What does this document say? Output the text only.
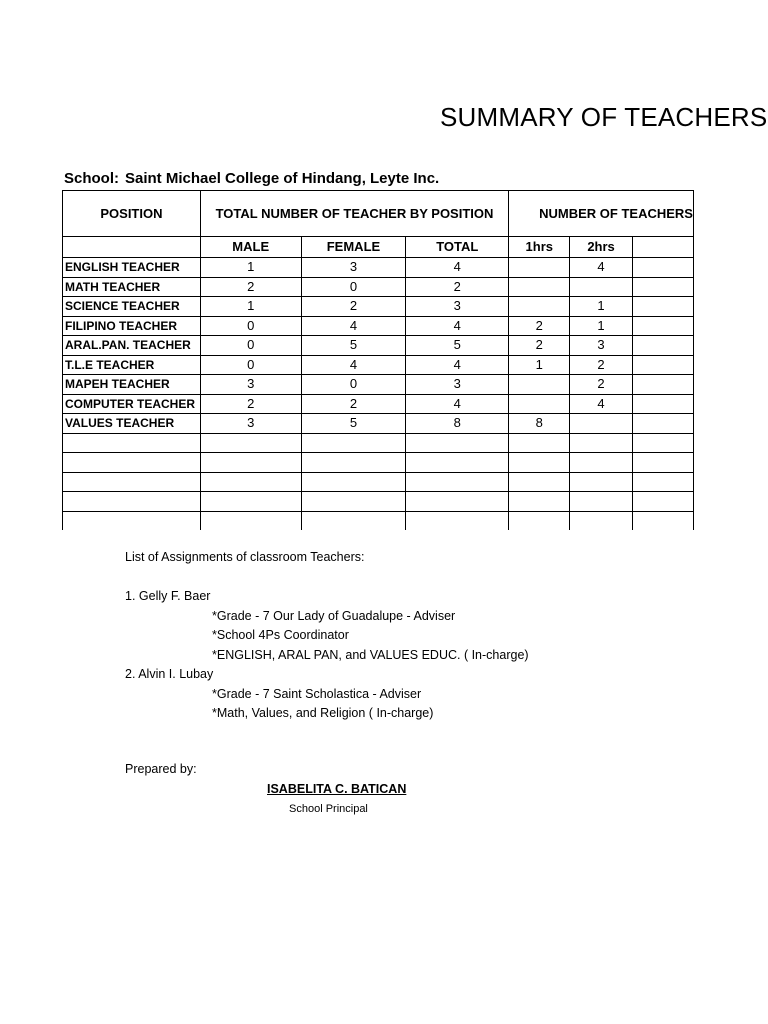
SUMMARY OF TEACHERS
School: Saint Michael College of Hindang, Leyte Inc.
POSITION	TOTAL NUMBER OF TEACHER BY POSITION			NUMBER OF TEACHERS		
	MALE	FEMALE	TOTAL	1hrs	2hrs	
ENGLISH TEACHER	1	3	4		4	
MATH TEACHER	2	0	2			
SCIENCE TEACHER	1	2	3		1	
FILIPINO TEACHER	0	4	4	2	1	
ARAL.PAN. TEACHER	0	5	5	2	3	
T.L.E TEACHER	0	4	4	1	2	
MAPEH TEACHER	3	0	3		2	
COMPUTER TEACHER	2	2	4		4	
VALUES TEACHER	3	5	8	8		

List of Assignments of classroom Teachers:
1. Gelly F. Baer
*Grade - 7 Our Lady of Guadalupe - Adviser
*School 4Ps Coordinator
*ENGLISH, ARAL PAN, and VALUES EDUC. ( In-charge)
2. Alvin I. Lubay
*Grade - 7 Saint Scholastica - Adviser
*Math, Values, and Religion ( In-charge)
Prepared by:
ISABELITA C. BATICAN
School Principal
